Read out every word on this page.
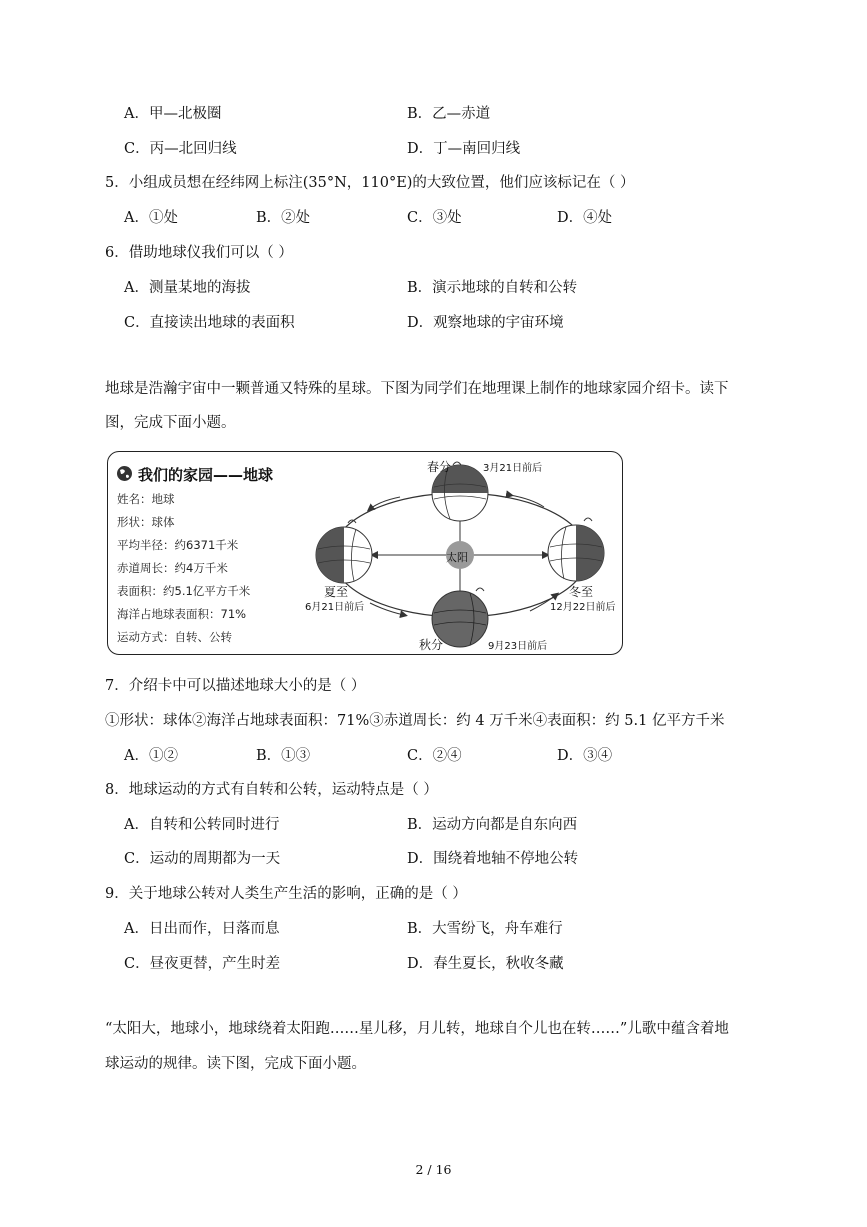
A．甲—北极圈	B．乙—赤道
C．丙—北回归线	D．丁—南回归线
5．小组成员想在经纬网上标注(35°N，110°E)的大致位置，他们应该标记在（ ）
A．①处	B．②处	C．③处	D．④处
6．借助地球仪我们可以（ ）
A．测量某地的海拔	B．演示地球的自转和公转
C．直接读出地球的表面积	D．观察地球的宇宙环境
地球是浩瀚宇宙中一颗普通又特殊的星球。下图为同学们在地理课上制作的地球家园介绍卡。读下
图，完成下面小题。
我们的家园——地球
姓名：地球
形状：球体
平均半径：约6371千米
赤道周长：约4万千米
表面积：约5.1亿平方千米
海洋占地球表面积：71%
运动方式：自转、公转
太阳
春分	3月21日前后
夏至
6月21日前后
秋分	9月23日前后
冬至
12月22日前后
7．介绍卡中可以描述地球大小的是（ ）
①形状：球体②海洋占地球表面积：71%③赤道周长：约 4 万千米④表面积：约 5.1 亿平方千米
A．①②	B．①③	C．②④	D．③④
8．地球运动的方式有自转和公转，运动特点是（ ）
A．自转和公转同时进行	B．运动方向都是自东向西
C．运动的周期都为一天	D．围绕着地轴不停地公转
9．关于地球公转对人类生产生活的影响，正确的是（ ）
A．日出而作，日落而息	B．大雪纷飞，舟车难行
C．昼夜更替，产生时差	D．春生夏长，秋收冬藏
“太阳大，地球小，地球绕着太阳跑……星儿移，月儿转，地球自个儿也在转……”儿歌中蕴含着地
球运动的规律。读下图，完成下面小题。
2 / 16
